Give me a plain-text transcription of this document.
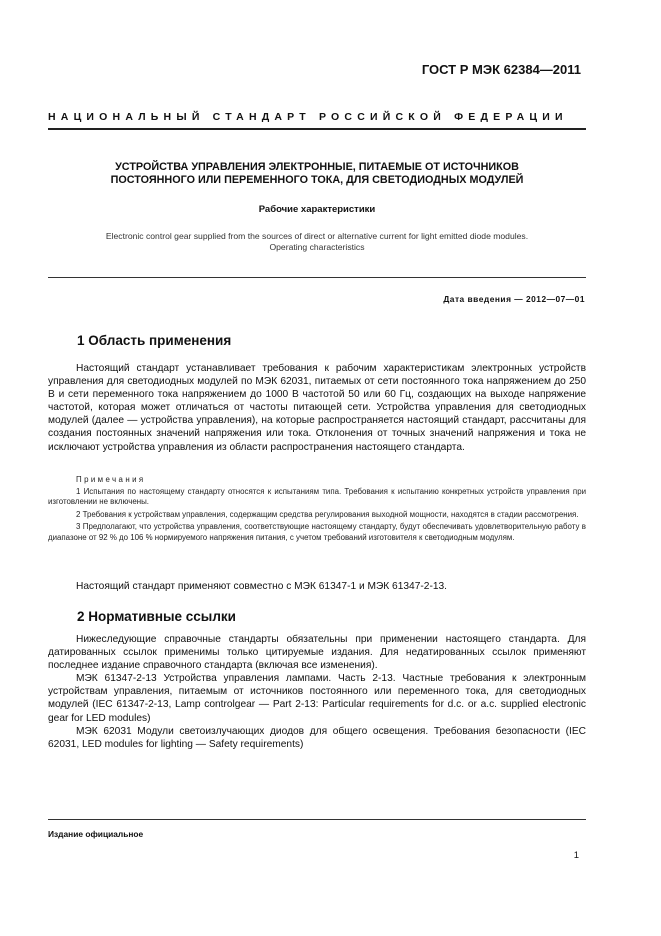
ГОСТ Р МЭК 62384—2011
НАЦИОНАЛЬНЫЙ СТАНДАРТ РОССИЙСКОЙ ФЕДЕРАЦИИ
УСТРОЙСТВА УПРАВЛЕНИЯ ЭЛЕКТРОННЫЕ, ПИТАЕМЫЕ ОТ ИСТОЧНИКОВ
ПОСТОЯННОГО ИЛИ ПЕРЕМЕННОГО ТОКА, ДЛЯ СВЕТОДИОДНЫХ МОДУЛЕЙ
Рабочие характеристики
Electronic control gear supplied from the sources of direct or alternative current for light emitted diode modules.
Operating characteristics
Дата введения — 2012—07—01
1 Область применения

Настоящий стандарт устанавливает требования к рабочим характеристикам электронных устройств управления для светодиодных модулей по МЭК 62031, питаемых от сети постоянного тока напряжением до 250 В и сети переменного тока напряжением до 1000 В частотой 50 или 60 Гц, создающих на выходе напряжение частотой, которая может отличаться от частоты питающей сети. Устройства управления для светодиодных модулей (далее — устройства управления), на которые распространяется настоящий стандарт, рассчитаны для создания постоянных значений напряжения или тока. Отклонения от точных значений напряжения и тока не исключают устройства управления из области распространения настоящего стандарта.

Примечания

1 Испытания по настоящему стандарту относятся к испытаниям типа. Требования к испытанию конкретных устройств управления при изготовлении не включены.

2 Требования к устройствам управления, содержащим средства регулирования выходной мощности, находятся в стадии рассмотрения.

3 Предполагают, что устройства управления, соответствующие настоящему стандарту, будут обеспечивать удовлетворительную работу в диапазоне от 92 % до 106 % нормируемого напряжения питания, с учетом требований изготовителя к светодиодным модулям.

Настоящий стандарт применяют совместно с МЭК 61347-1 и МЭК 61347-2-13.

2 Нормативные ссылки

Нижеследующие справочные стандарты обязательны при применении настоящего стандарта. Для датированных ссылок применимы только цитируемые издания. Для недатированных ссылок применяют последнее издание справочного стандарта (включая все изменения).

МЭК 61347-2-13 Устройства управления лампами. Часть 2-13. Частные требования к электронным устройствам управления, питаемым от источников постоянного или переменного тока, для светодиодных модулей (IEC 61347-2-13, Lamp controlgear — Part 2-13: Particular requirements for d.c. or a.c. supplied electronic gear for LED modules)

МЭК 62031 Модули светоизлучающих диодов для общего освещения. Требования безопасности (IEC 62031, LED modules for lighting — Safety requirements)

Издание официальное
1
